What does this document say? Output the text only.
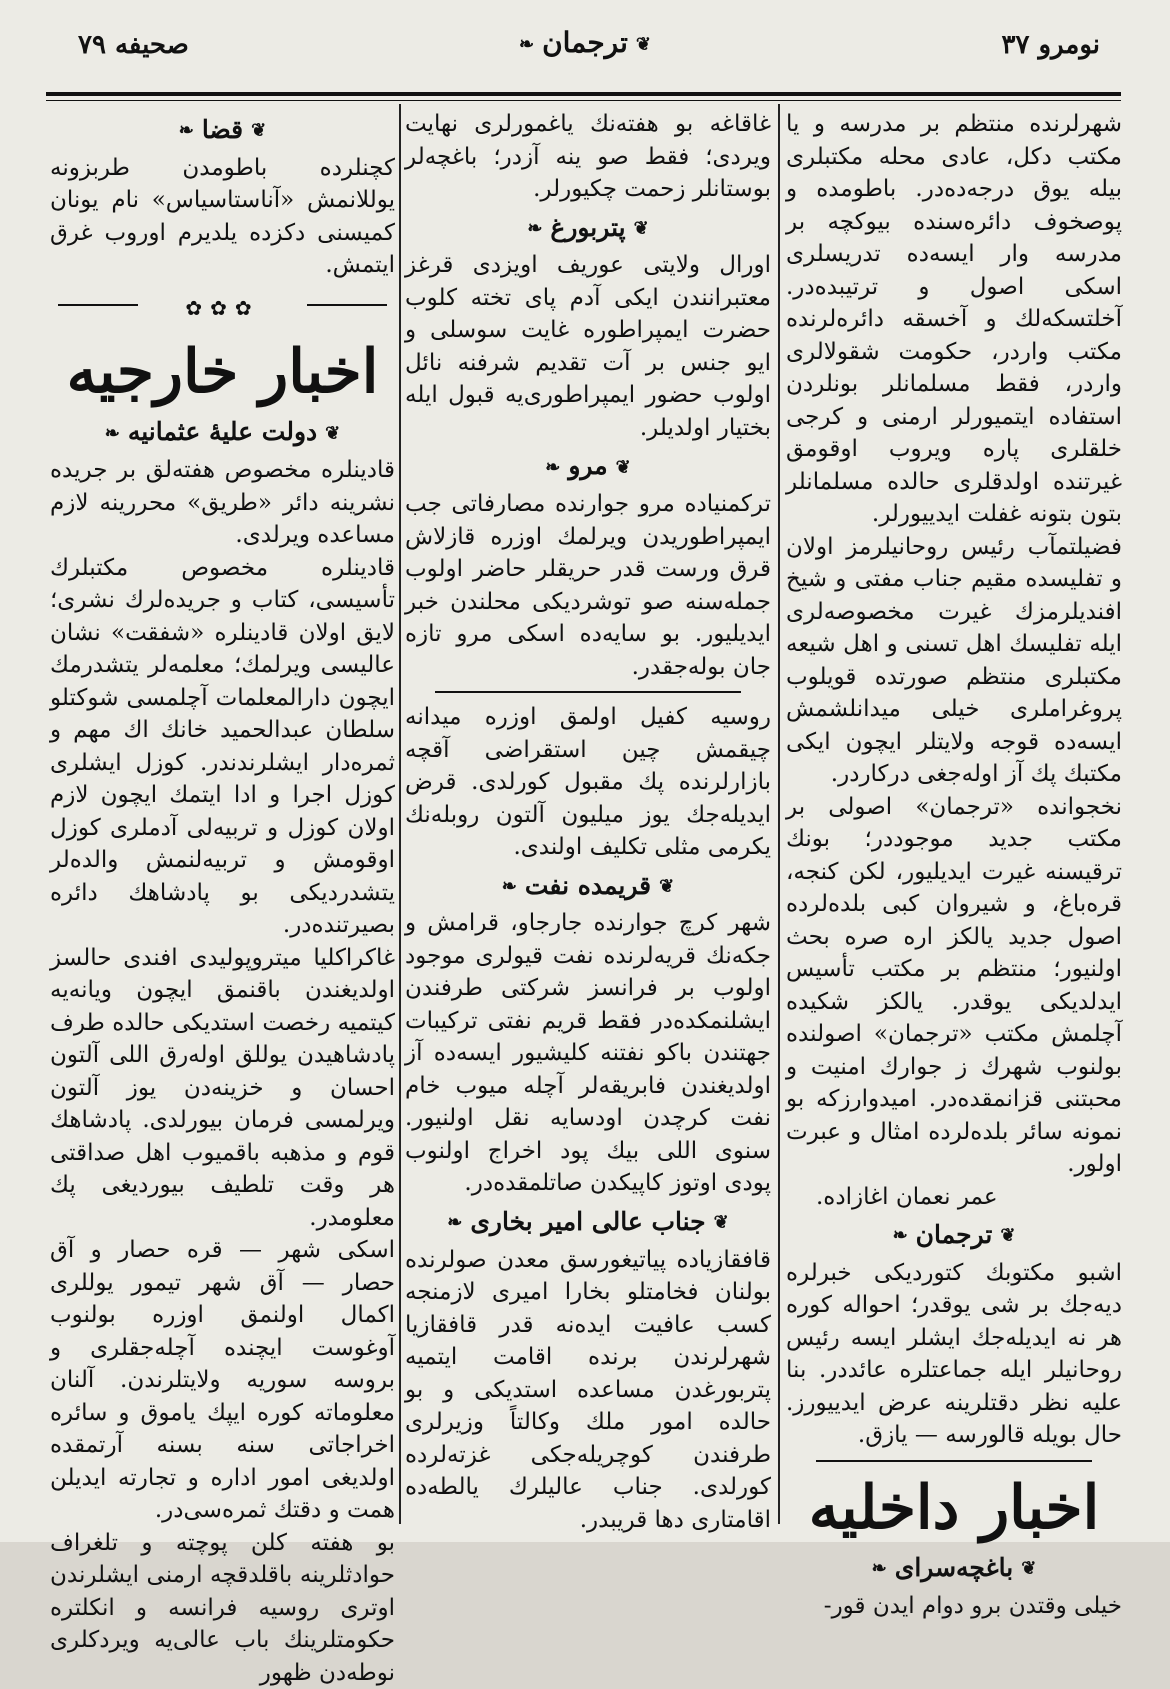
نومرو ٣٧
❦ترجمان❧
صحیفه ٧٩

شهرلرنده منتظم بر مدرسه و یا مکتب دکل، عادی محله مکتبلری بیله یوق درجه‌ده‌در. باطومده و پوصخوف دائره‌سنده بیوکچه بر مدرسه وار ایسه‌ده تدریسلری اسکی اصول و ترتیبده‌در. آخلتسکه‌لك و آخسقه دائره‌لرنده مکتب واردر، حکومت شقولالری واردر، فقط مسلمانلر بونلردن استفاده ایتمیورلر ارمنی و کرجی خلقلری پاره ویروب اوقومق غیرتنده اولدقلری حالده مسلمانلر بتون بتونه غفلت ایدییورلر.

فضیلتمآب رئیس روحانیلرمز اولان و تفلیسده مقیم جناب مفتی و شیخ افندیلرمزك غیرت مخصوصه‌لری ایله تفلیسك اهل تسنی و اهل شیعه مکتبلری منتظم صورتده قویلوب پروغراملری خیلی میدانلشمش ایسه‌ده قوجه ولایتلر ایچون ایکی مکتبك پك آز اوله‌جغی درکاردر.

نخجوانده «ترجمان» اصولی بر مکتب جدید موجوددر؛ بونك ترقیسنه غیرت ایدیلیور، لکن کنجه، قره‌باغ، و شیروان کبی بلده‌لرده اصول جدید یالکز اره صره بحث اولنیور؛ منتظم بر مکتب تأسیس ایدلدیکی یوقدر. یالکز شکیده آچلمش مکتب «ترجمان» اصولنده بولنوب شهرك ز جوارك امنیت و محبتنی قزانمقده‌در. امیدوارزکه بو نمونه سائر بلده‌لرده امثال و عبرت اولور.

عمر نعمان اغازاده.

❦ترجمان❧

اشبو مکتوبك کتوردیکی خبرلره دیه‌جك بر شی یوقدر؛ احواله کوره هر نه ایدیله‌جك ایشلر ایسه رئیس روحانیلر ایله جماعتلره عائددر. بنا علیه نظر دقتلرینه عرض ایدییورز. حال بویله قالورسه — یازق.

اخبار داخلیه
❦باغچه‌سرای❧

خیلی وقتدن برو دوام ایدن قور-

غاقاغه بو هفته‌نك یاغمورلری نهایت ویردی؛ فقط صو ینه آزدر؛ باغچه‌لر بوستانلر زحمت چکیورلر.

❦پتربورغ❧

اورال ولایتی عوریف اویزدی قرغز معتبرانندن ایکی آدم پای تخته کلوب حضرت ایمپراطوره غایت سوسلی و ایو جنس بر آت تقدیم شرفنه نائل اولوب حضور ایمپراطوری‌یه قبول ایله بختیار اولدیلر.

❦مرو❧

ترکمنیاده مرو جوارنده مصارفاتی جب ایمپراطوریدن ویرلمك اوزره قازلاش قرق ورست قدر حریقلر حاضر اولوب جمله‌سنه صو توشردیکی محلندن خبر ایدیلیور. بو سایه‌ده اسکی مرو تازه جان بوله‌جقدر.

روسیه کفیل اولمق اوزره میدانه چیقمش چین استقراضی آقچه بازارلرنده پك مقبول کورلدی. قرض ایدیله‌جك یوز میلیون آلتون روبله‌نك یکرمی مثلی تکلیف اولندی.

❦قریمده نفت❧

شهر کرچ جوارنده جارجاو، قرامش و جکه‌نك قریه‌لرنده نفت قیولری موجود اولوب بر فرانسز شرکتی طرفندن ایشلنمکده‌در فقط قریم نفتی ترکیبات جهتندن باکو نفتنه کلیشیور ایسه‌ده آز اولدیغندن فابریقه‌لر آچله میوب خام نفت کرچدن اودسایه نقل اولنیور. سنوی اللی بیك پود اخراج اولنوب پودی اوتوز کاپیکدن صاتلمقده‌در.

❦جناب عالی امیر بخاری❧

قافقازیاده پیاتیغورسق معدن صولرنده بولنان فخامتلو بخارا امیری لازمنجه کسب عافیت ایده‌نه قدر قافقازیا شهرلرندن برنده اقامت ایتمیه پتربورغدن مساعده استدیکی و بو حالده امور ملك وکالتاً وزیرلری طرفندن کوچریله‌جکی غزته‌لرده کورلدی. جناب عالیلرك یالطه‌ده اقامتاری دها قریبدر.

❦قضا❧

کچنلرده باطومدن طربزونه یوللانمش «آناستاسیاس» نام یونان کمیسنی دکزده یلدیرم اوروب غرق ایتمش.

✿✿✿
اخبار خارجیه
❦دولت علیهٔ عثمانیه❧

قادینلره مخصوص هفته‌لق بر جریده نشرینه دائر «طریق» محررینه لازم مساعده ویرلدی.

قادینلره مخصوص مکتبلرك تأسیسی، کتاب و جریده‌لرك نشری؛ لایق اولان قادینلره «شفقت» نشان عالیسی ویرلمك؛ معلمه‌لر یتشدرمك ایچون دارالمعلمات آچلمسی شوکتلو سلطان عبدالحمید خانك اك مهم و ثمره‌دار ایشلرندندر. کوزل ایشلری کوزل اجرا و ادا ایتمك ایچون لازم اولان کوزل و تربیه‌لی آدملری کوزل اوقومش و تربیه‌لنمش والده‌لر یتشدردیکی بو پادشاهك دائره بصیرتنده‌در.

غاکراکلیا میتروپولیدی افندی حالسز اولدیغندن باقنمق ایچون ویانه‌یه کیتمیه رخصت استدیکی حالده طرف پادشاهیدن یوللق اوله‌رق اللی آلتون احسان و خزینه‌دن یوز آلتون ویرلمسی فرمان بیورلدی. پادشاهك قوم و مذهبه باقمیوب اهل صداقتی هر وقت تلطیف بیوردیغی پك معلومدر.

اسکی شهر — قره حصار و آق حصار — آق شهر تیمور یوللری اکمال اولنمق اوزره بولنوب آوغوست ایچنده آچله‌جقلری و بروسه سوریه ولایتلرندن. آلنان معلوماته کوره ایپك یاموق و سائره اخراجاتی سنه بسنه آرتمقده اولدیغی امور اداره و تجارته ایدیلن همت و دقتك ثمره‌سی‌در.

بو هفته کلن پوچته و تلغراف حوادثلرینه باقلدقچه ارمنی ایشلرندن اوتری روسیه فرانسه و انکلتره حکومتلرینك باب عالی‌یه ویردکلری نوطه‌دن ظهور
